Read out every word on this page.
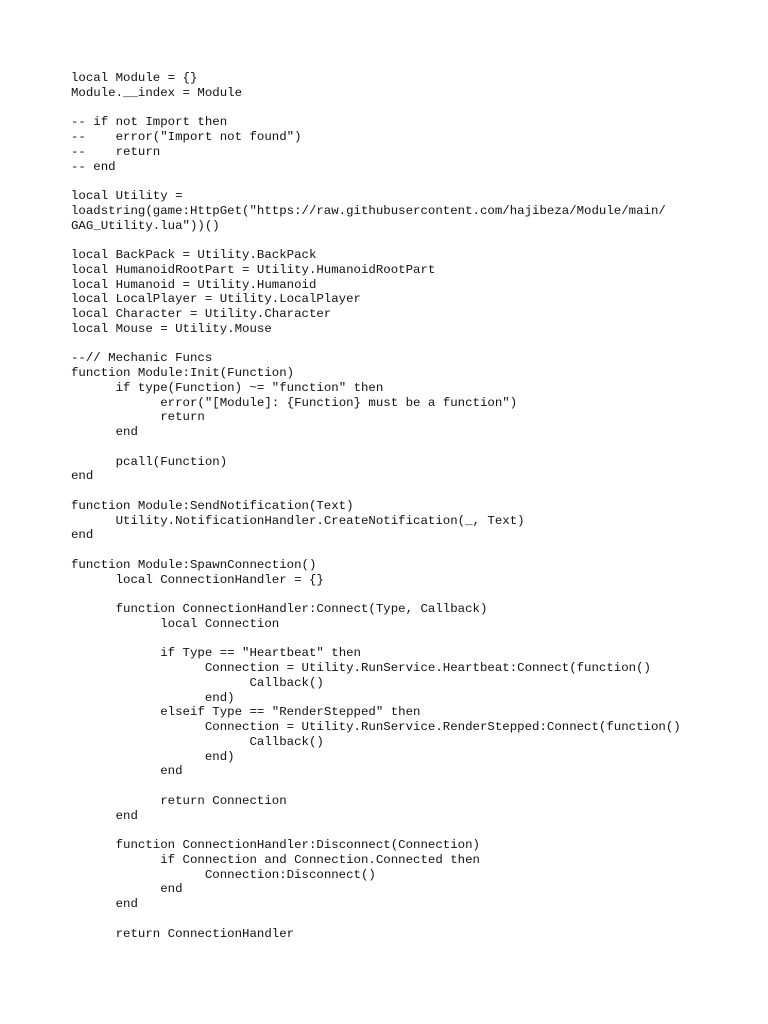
local Module = {}
Module.__index = Module
-- if not Import then
--    error("Import not found")
--    return
-- end
local Utility =
loadstring(game:HttpGet("https://raw.githubusercontent.com/hajibeza/Module/main/
GAG_Utility.lua"))()
local BackPack = Utility.BackPack
local HumanoidRootPart = Utility.HumanoidRootPart
local Humanoid = Utility.Humanoid
local LocalPlayer = Utility.LocalPlayer
local Character = Utility.Character
local Mouse = Utility.Mouse
--// Mechanic Funcs
function Module:Init(Function)
	if type(Function) ~= "function" then
		error("[Module]: {Function} must be a function")
		return
	end
	pcall(Function)
end
function Module:SendNotification(Text)
	Utility.NotificationHandler.CreateNotification(_, Text)
end
function Module:SpawnConnection()
	local ConnectionHandler = {}
	function ConnectionHandler:Connect(Type, Callback)
		local Connection
		if Type == "Heartbeat" then
			Connection = Utility.RunService.Heartbeat:Connect(function()
				Callback()
			end)
		elseif Type == "RenderStepped" then
			Connection = Utility.RunService.RenderStepped:Connect(function()
				Callback()
			end)
		end
		return Connection
	end
	function ConnectionHandler:Disconnect(Connection)
		if Connection and Connection.Connected then
			Connection:Disconnect()
		end
	end
	return ConnectionHandler
